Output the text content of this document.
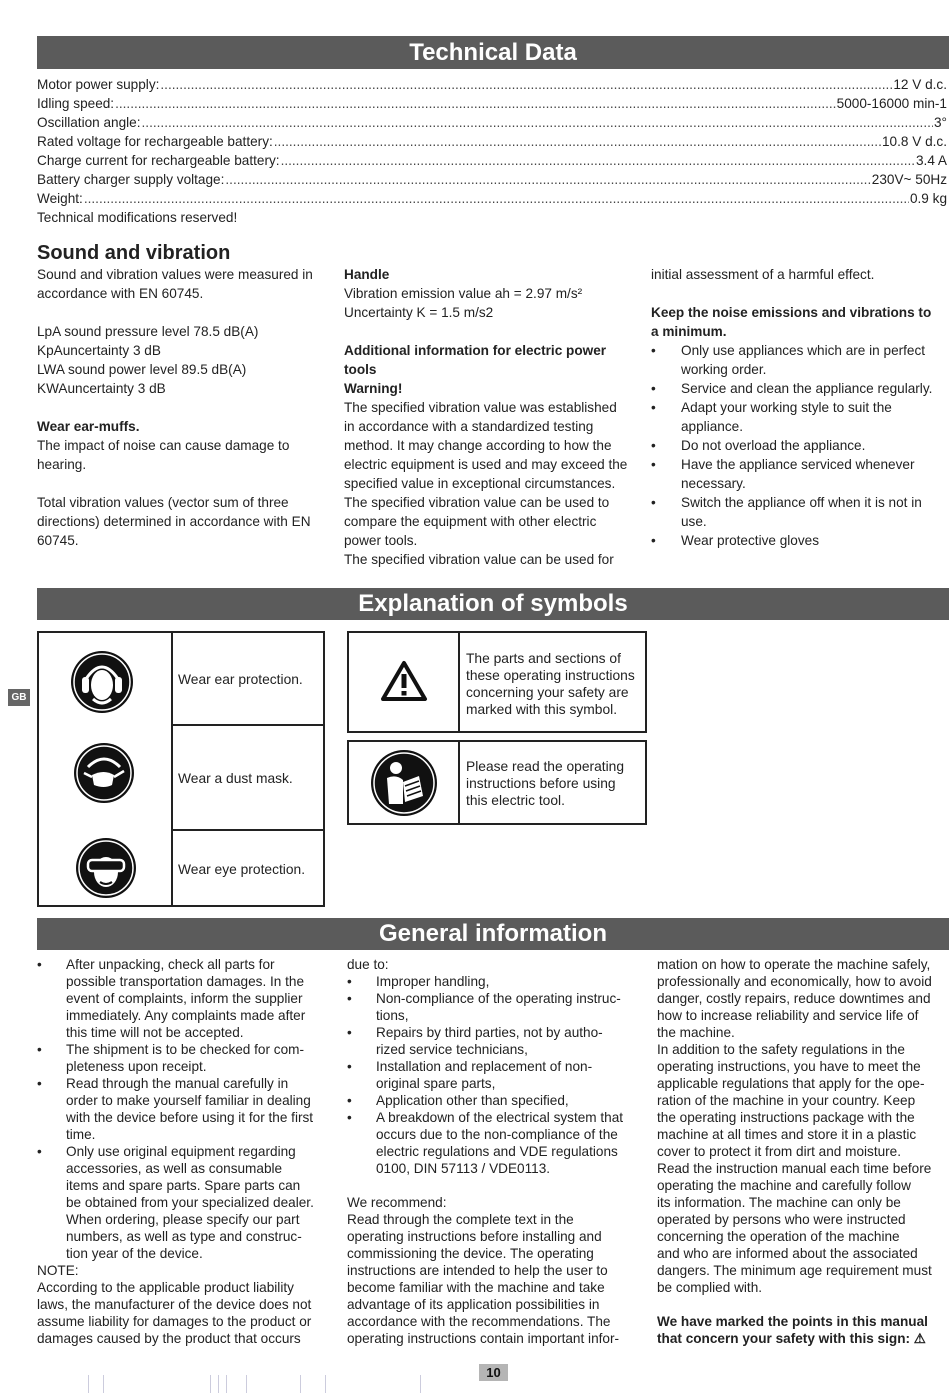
Technical Data
Motor power supply: .....	12 V d.c.
Idling speed: .....	5000-16000 min-1
Oscillation angle: .....	3°
Rated voltage for rechargeable battery: .....	10.8 V d.c.
Charge current for rechargeable battery: .....	3.4 A
Battery charger supply voltage: .....	230V~ 50Hz
Weight: .....	0.9 kg
Technical modifications reserved!
Sound and vibration

Sound and vibration values were measured in

accordance with EN 60745.

LpA sound pressure level 78.5 dB(A)

KpAuncertainty 3 dB

LWA sound power level 89.5 dB(A)

KWAuncertainty 3 dB

Wear ear-muffs.

The impact of noise can cause damage to

hearing.

Total vibration values (vector sum of three

directions) determined in accordance with EN

60745.

Handle

Vibration emission value ah = 2.97 m/s²

Uncertainty K = 1.5 m/s2

Additional information for electric power

tools

Warning!

The specified vibration value was established

in accordance with a standardized testing

method. It may change according to how the

electric equipment is used and may exceed the

specified value in exceptional circumstances.

The specified vibration value can be used to

compare the equipment with other electric

power tools.

The specified vibration value can be used for

initial assessment of a harmful effect.

Keep the noise emissions and vibrations to

a minimum.

• Only use appliances which are in perfect
working order.
• Service and clean the appliance regularly.
• Adapt your working style to suit the
appliance.
• Do not overload the appliance.
• Have the appliance serviced whenever
necessary.
• Switch the appliance off when it is not in
use.
• Wear protective gloves
Explanation of symbols
Wear ear protection.
Wear a dust mask.
Wear eye protection.
The parts and sections of
these operating instructions
concerning your safety are
marked with this symbol.
Please read the operating
instructions before using
this electric tool.
GB
General information
• After unpacking, check all parts for
possible transportation damages. In the
event of complaints, inform the supplier
immediately. Any complaints made after
this time will not be accepted.
• The shipment is to be checked for com-
pleteness upon receipt.
• Read through the manual carefully in
order to make yourself familiar in dealing
with the device before using it for the first
time.
• Only use original equipment regarding
accessories, as well as consumable
items and spare parts. Spare parts can
be obtained from your specialized dealer.
When ordering, please specify our part
numbers, as well as type and construc-
tion year of the device.

NOTE:

According to the applicable product liability

laws, the manufacturer of the device does not

assume liability for damages to the product or

damages caused by the product that occurs

due to:

• Improper handling,
• Non-compliance of the operating instruc-
tions,
• Repairs by third parties, not by autho-
rized service technicians,
• Installation and replacement of non-
original spare parts,
• Application other than specified,
• A breakdown of the electrical system that
occurs due to the non-compliance of the
electric regulations and VDE regulations
0100, DIN 57113 / VDE0113.

We recommend:

Read through the complete text in the

operating instructions before installing and

commissioning the device. The operating

instructions are intended to help the user to

become familiar with the machine and take

advantage of its application possibilities in

accordance with the recommendations. The

operating instructions contain important infor-

mation on how to operate the machine safely,

professionally and economically, how to avoid

danger, costly repairs, reduce downtimes and

how to increase reliability and service life of

the machine.

In addition to the safety regulations in the

operating instructions, you have to meet the

applicable regulations that apply for the ope-

ration of the machine in your country. Keep

the operating instructions package with the

machine at all times and store it in a plastic

cover to protect it from dirt and moisture.

Read the instruction manual each time before

operating the machine and carefully follow

its information. The machine can only be

operated by persons who were instructed

concerning the operation of the machine

and who are informed about the associated

dangers. The minimum age requirement must

be complied with.

We have marked the points in this manual

that concern your safety with this sign: ⚠

10
